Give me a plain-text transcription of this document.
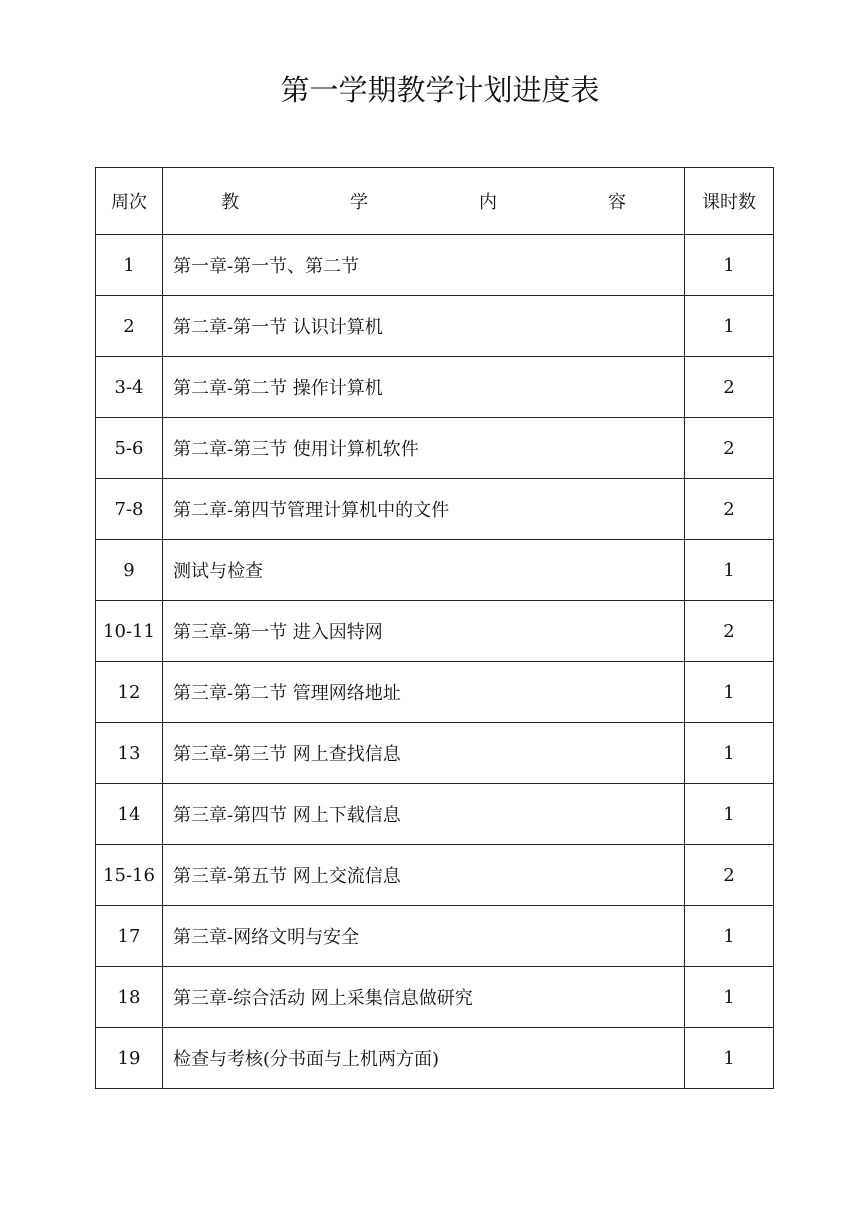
第一学期教学计划进度表
周次	教 学 内 容	课时数
1	第一章-第一节、第二节	1
2	第二章-第一节 认识计算机	1
3-4	第二章-第二节 操作计算机	2
5-6	第二章-第三节 使用计算机软件	2
7-8	第二章-第四节管理计算机中的文件	2
9	测试与检查	1
10-11	第三章-第一节 进入因特网	2
12	第三章-第二节 管理网络地址	1
13	第三章-第三节 网上查找信息	1
14	第三章-第四节 网上下载信息	1
15-16	第三章-第五节 网上交流信息	2
17	第三章-网络文明与安全	1
18	第三章-综合活动 网上采集信息做研究	1
19	检查与考核(分书面与上机两方面)	1
